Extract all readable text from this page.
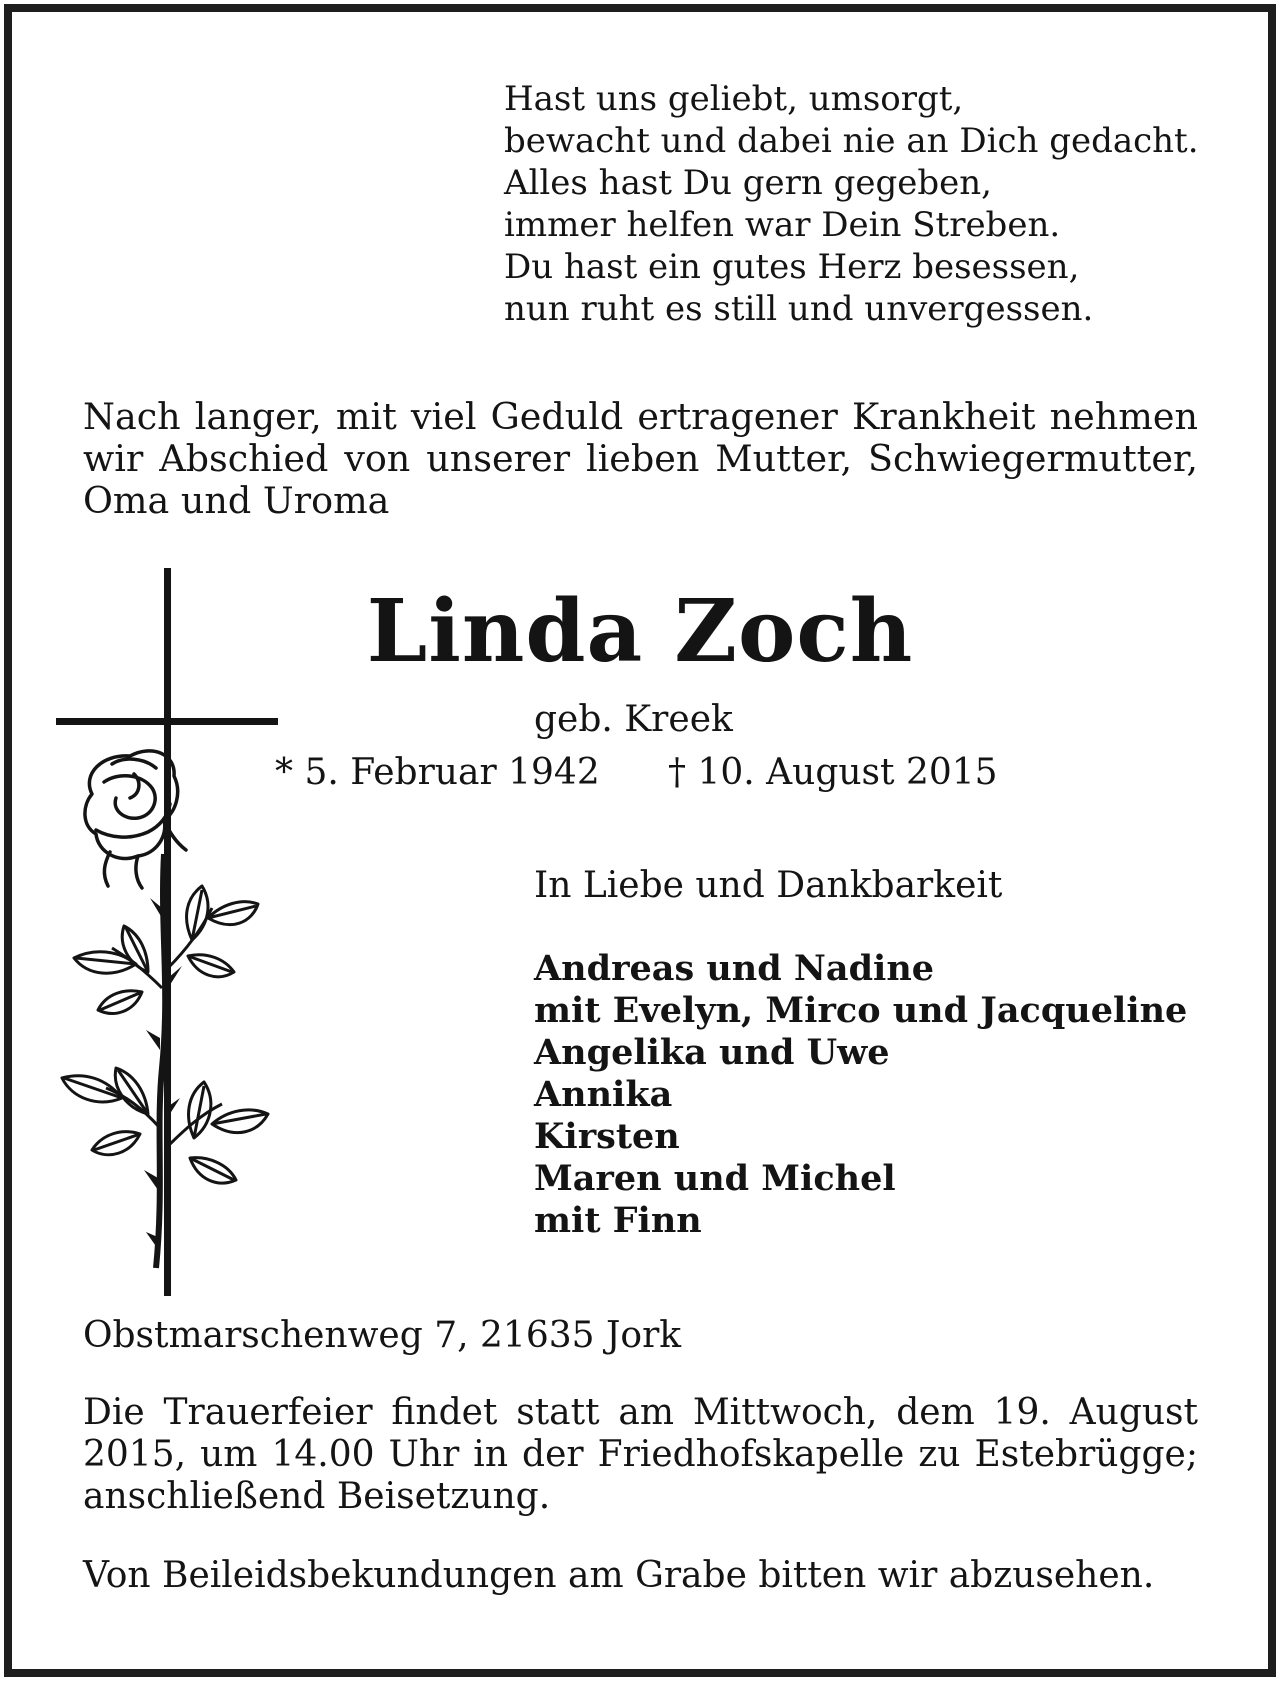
Hast uns geliebt, umsorgt,
bewacht und dabei nie an Dich gedacht.
Alles hast Du gern gegeben,
immer helfen war Dein Streben.
Du hast ein gutes Herz besessen,
nun ruht es still und unvergessen.
Nach langer, mit viel Geduld ertragener Krankheit nehmen wir Abschied von unserer lieben Mutter, Schwiegermutter, Oma und Uroma
Linda Zoch
geb. Kreek
* 5. Februar 1942 † 10. August 2015
In Liebe und Dankbarkeit
Andreas und Nadine
mit Evelyn, Mirco und Jacqueline
Angelika und Uwe
Annika
Kirsten
Maren und Michel
mit Finn
Obstmarschenweg 7, 21635 Jork
Die Trauerfeier findet statt am Mittwoch, dem 19. August 2015, um 14.00 Uhr in der Friedhofskapelle zu Estebrügge; anschließend Beisetzung.
Von Beileidsbekundungen am Grabe bitten wir abzusehen.
